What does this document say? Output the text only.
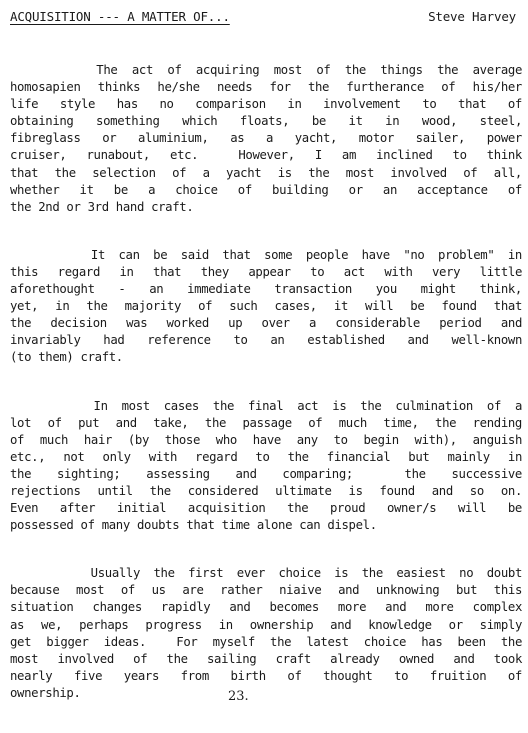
ACQUISITION --- A MATTER OF...	Steve Harvey
The act of acquiring most of the things the average
homosapien thinks he/she needs for the furtherance of his/her
life style has no comparison in involvement to that of
obtaining something which floats, be it in wood, steel,
fibreglass or aluminium, as a yacht, motor sailer, power
cruiser, runabout, etc.  However, I am inclined to think
that the selection of a yacht is the most involved of all,
whether it be a choice of building or an acceptance of
the 2nd or 3rd hand craft.
It can be said that some people have "no problem" in
this regard in that they appear to act with very little
aforethought - an immediate transaction you might think,
yet, in the majority of such cases, it will be found that
the decision was worked up over a considerable period and
invariably had reference to an established and well-known
(to them) craft.
In most cases the final act is the culmination of a
lot of put and take, the passage of much time, the rending
of much hair (by those who have any to begin with), anguish
etc., not only with regard to the financial but mainly in
the sighting; assessing and comparing;  the successive
rejections until the considered ultimate is found and so on.
Even after initial acquisition the proud owner/s will be
possessed of many doubts that time alone can dispel.
Usually the first ever choice is the easiest no doubt
because most of us are rather niaive and unknowing but this
situation changes rapidly and becomes more and more complex
as we, perhaps progress in ownership and knowledge or simply
get bigger ideas.  For myself the latest choice has been the
most involved of the sailing craft already owned and took
nearly five years from birth of thought to fruition of
ownership.	23.
